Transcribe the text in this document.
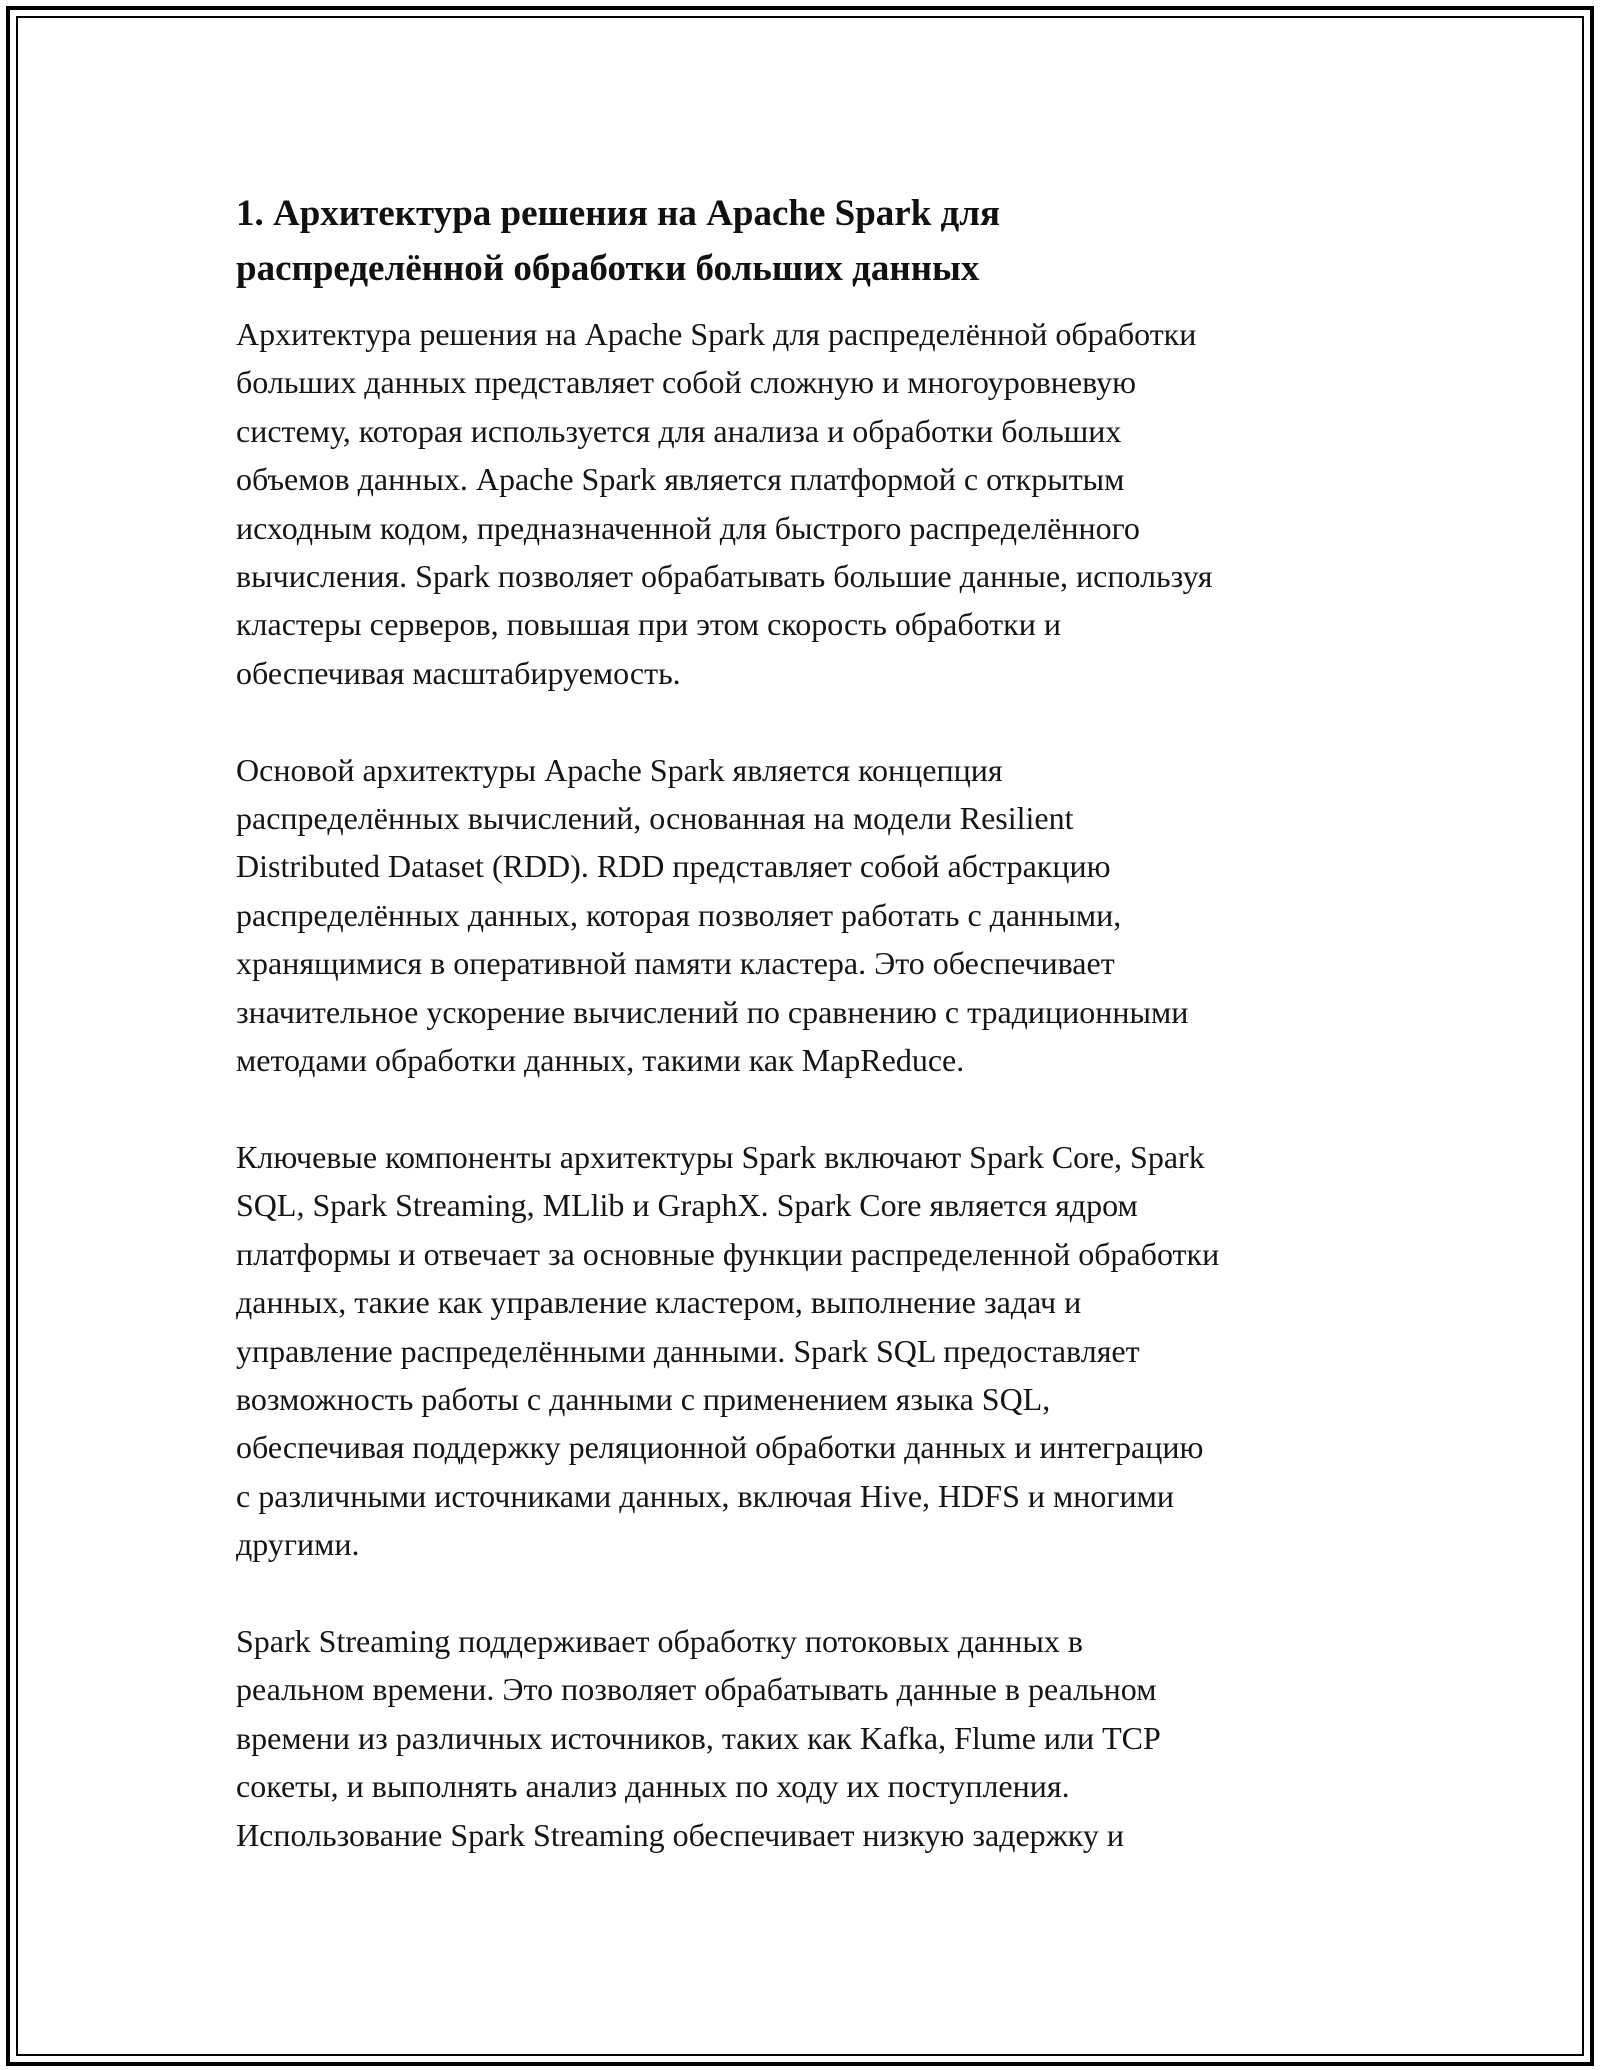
1. Архитектура решения на Apache Spark для
распределённой обработки больших данных

Архитектура решения на Apache Spark для распределённой обработки
больших данных представляет собой сложную и многоуровневую
систему, которая используется для анализа и обработки больших
объемов данных. Apache Spark является платформой с открытым
исходным кодом, предназначенной для быстрого распределённого
вычисления. Spark позволяет обрабатывать большие данные, используя
кластеры серверов, повышая при этом скорость обработки и
обеспечивая масштабируемость.

Основой архитектуры Apache Spark является концепция
распределённых вычислений, основанная на модели Resilient
Distributed Dataset (RDD). RDD представляет собой абстракцию
распределённых данных, которая позволяет работать с данными,
хранящимися в оперативной памяти кластера. Это обеспечивает
значительное ускорение вычислений по сравнению с традиционными
методами обработки данных, такими как MapReduce.

Ключевые компоненты архитектуры Spark включают Spark Core, Spark
SQL, Spark Streaming, MLlib и GraphX. Spark Core является ядром
платформы и отвечает за основные функции распределенной обработки
данных, такие как управление кластером, выполнение задач и
управление распределёнными данными. Spark SQL предоставляет
возможность работы с данными с применением языка SQL,
обеспечивая поддержку реляционной обработки данных и интеграцию
с различными источниками данных, включая Hive, HDFS и многими
другими.

Spark Streaming поддерживает обработку потоковых данных в
реальном времени. Это позволяет обрабатывать данные в реальном
времени из различных источников, таких как Kafka, Flume или TCP
сокеты, и выполнять анализ данных по ходу их поступления.
Использование Spark Streaming обеспечивает низкую задержку и
